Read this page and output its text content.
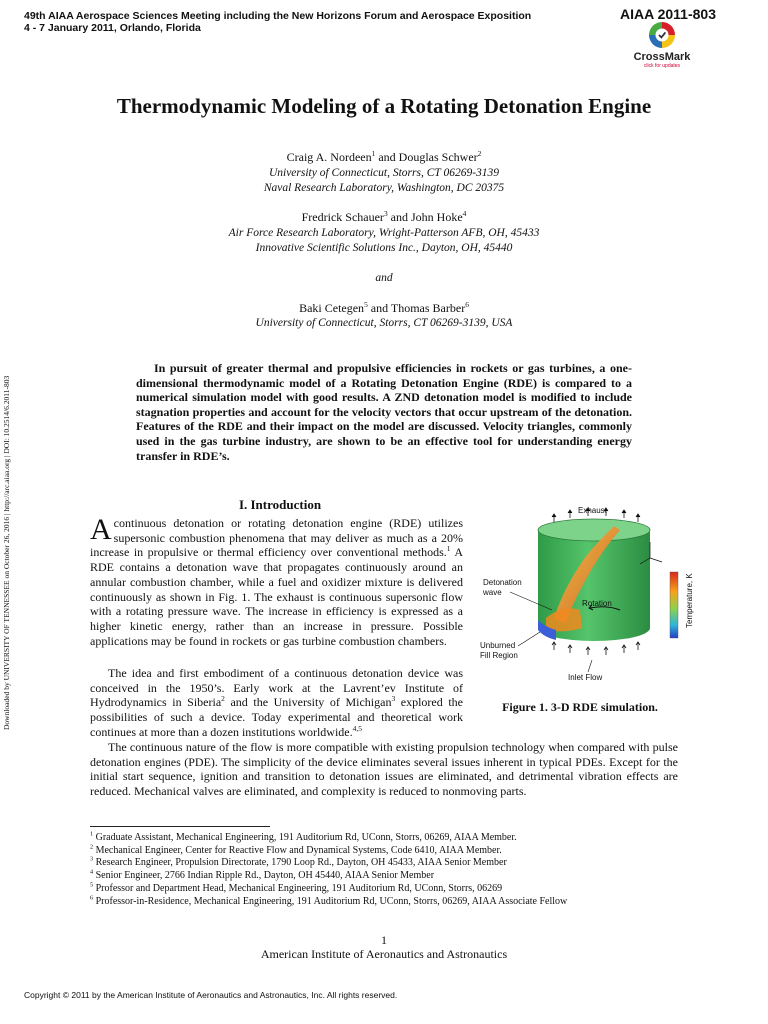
49th AIAA Aerospace Sciences Meeting including the New Horizons Forum and Aerospace Exposition
4 - 7 January 2011, Orlando, Florida
AIAA 2011-803
CrossMark
click for updates
Downloaded by UNIVERSITY OF TENNESSEE on October 26, 2016 | http://arc.aiaa.org | DOI: 10.2514/6.2011-803
Thermodynamic Modeling of a Rotating Detonation Engine
Craig A. Nordeen$^1$ and Douglas Schwer$^2$
University of Connecticut, Storrs, CT 06269-3139
Naval Research Laboratory, Washington, DC 20375
Fredrick Schauer$^3$ and John Hoke$^4$
Air Force Research Laboratory, Wright-Patterson AFB, OH, 45433
Innovative Scientific Solutions Inc., Dayton, OH, 45440
and
Baki Cetegen$^5$ and Thomas Barber$^6$
University of Connecticut, Storrs, CT 06269-3139, USA
In pursuit of greater thermal and propulsive efficiencies in rockets or gas turbines, a one-dimensional thermodynamic model of a Rotating Detonation Engine (RDE) is compared to a numerical simulation model with good results. A ZND detonation model is modified to include stagnation properties and account for the velocity vectors that occur upstream of the detonation. Features of the RDE and their impact on the model are discussed. Velocity triangles, commonly used in the gas turbine industry, are shown to be an effective tool for understanding energy transfer in RDE’s.
I. Introduction
Acontinuous detonation or rotating detonation engine (RDE) utilizes supersonic combustion phenomena that may deliver as much as a 20% increase in propulsive or thermal efficiency over conventional methods.$^1$ A RDE contains a detonation wave that propagates continuously around an annular combustion chamber, while a fuel and oxidizer mixture is delivered continuously as shown in Fig. 1. The exhaust is continuous supersonic flow with a rotating pressure wave. The increase in efficiency is expressed as a higher kinetic energy, rather than an increase in pressure. Possible applications may be found in rockets or gas turbine combustion chambers.
The idea and first embodiment of a continuous detonation device was conceived in the 1950’s. Early work at the Lavrent’ev Institute of Hydrodynamics in Siberia$^2$ and the University of Michigan$^3$ explored the possibilities of such a device. Today experimental and theoretical work continues at more than a dozen institutions worldwide.$^{4,5}$
The continuous nature of the flow is more compatible with existing propulsion technology when compared with pulse detonation engines (PDE). The simplicity of the device eliminates several issues inherent in typical PDEs. Except for the initial start sequence, ignition and transition to detonation issues are eliminated, and detrimental vibration effects are reduced. Mechanical valves are eliminated, and complexity is reduced to nonmoving parts.
Exhaust
Inlet Flow
Rotation
Detonation
wave
Unburned
Fill Region
Temperature, K
Figure 1. 3-D RDE simulation.
$^1$ Graduate Assistant, Mechanical Engineering, 191 Auditorium Rd, UConn, Storrs, 06269, AIAA Member.
$^2$ Mechanical Engineer, Center for Reactive Flow and Dynamical Systems, Code 6410, AIAA Member.
$^3$ Research Engineer, Propulsion Directorate, 1790 Loop Rd., Dayton, OH 45433, AIAA Senior Member
$^4$ Senior Engineer, 2766 Indian Ripple Rd., Dayton, OH 45440, AIAA Senior Member
$^5$ Professor and Department Head, Mechanical Engineering, 191 Auditorium Rd, UConn, Storrs, 06269
$^6$ Professor-in-Residence, Mechanical Engineering, 191 Auditorium Rd, UConn, Storrs, 06269, AIAA Associate Fellow
1
American Institute of Aeronautics and Astronautics
Copyright © 2011 by the American Institute of Aeronautics and Astronautics, Inc. All rights reserved.
